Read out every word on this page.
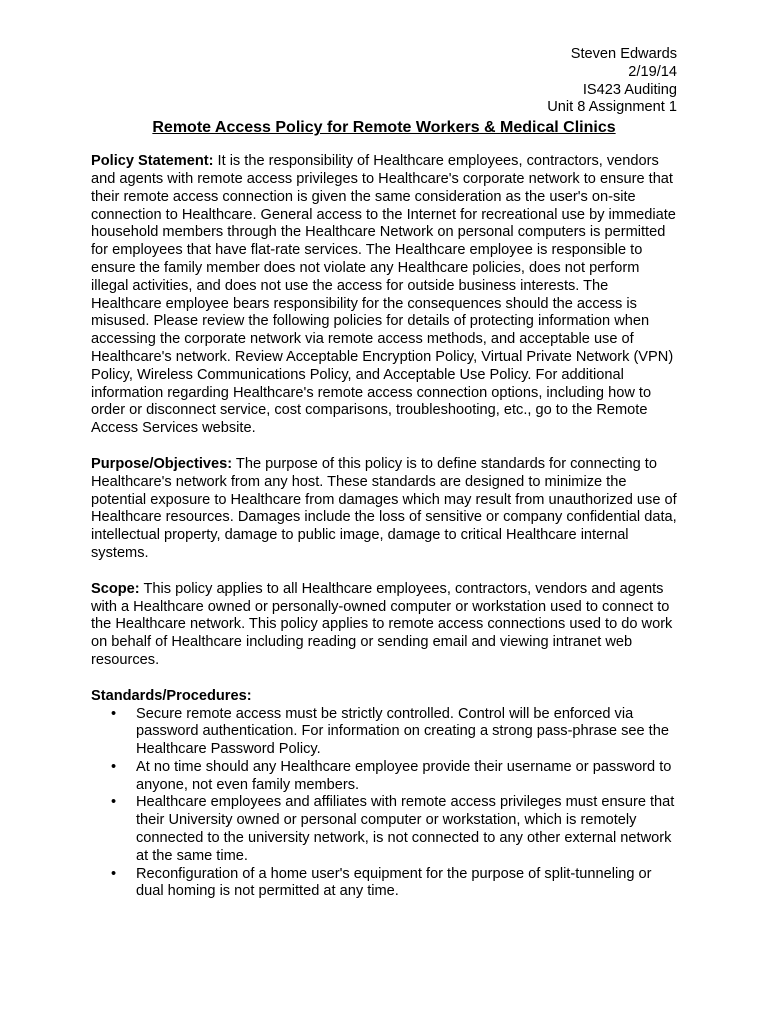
Steven Edwards
2/19/14
IS423 Auditing
Unit 8 Assignment 1
Remote Access Policy for Remote Workers & Medical Clinics

Policy Statement: It is the responsibility of Healthcare employees, contractors, vendors and agents with remote access privileges to Healthcare's corporate network to ensure that their remote access connection is given the same consideration as the user's on-site connection to Healthcare. General access to the Internet for recreational use by immediate household members through the Healthcare Network on personal computers is permitted for employees that have flat-rate services. The Healthcare employee is responsible to ensure the family member does not violate any Healthcare policies, does not perform illegal activities, and does not use the access for outside business interests. The Healthcare employee bears responsibility for the consequences should the access is misused. Please review the following policies for details of protecting information when accessing the corporate network via remote access methods, and acceptable use of Healthcare's network. Review Acceptable Encryption Policy, Virtual Private Network (VPN) Policy, Wireless Communications Policy, and Acceptable Use Policy. For additional information regarding Healthcare's remote access connection options, including how to order or disconnect service, cost comparisons, troubleshooting, etc., go to the Remote Access Services website.

Purpose/Objectives: The purpose of this policy is to define standards for connecting to Healthcare's network from any host. These standards are designed to minimize the potential exposure to Healthcare from damages which may result from unauthorized use of Healthcare resources. Damages include the loss of sensitive or company confidential data, intellectual property, damage to public image, damage to critical Healthcare internal systems.

Scope: This policy applies to all Healthcare employees, contractors, vendors and agents with a Healthcare owned or personally-owned computer or workstation used to connect to the Healthcare network. This policy applies to remote access connections used to do work on behalf of Healthcare including reading or sending email and viewing intranet web resources.

Standards/Procedures:

• Secure remote access must be strictly controlled. Control will be enforced via password authentication. For information on creating a strong pass-phrase see the Healthcare Password Policy.
• At no time should any Healthcare employee provide their username or password to anyone, not even family members.
• Healthcare employees and affiliates with remote access privileges must ensure that their University owned or personal computer or workstation, which is remotely connected to the university network, is not connected to any other external network at the same time.
• Reconfiguration of a home user's equipment for the purpose of split-tunneling or dual homing is not permitted at any time.
